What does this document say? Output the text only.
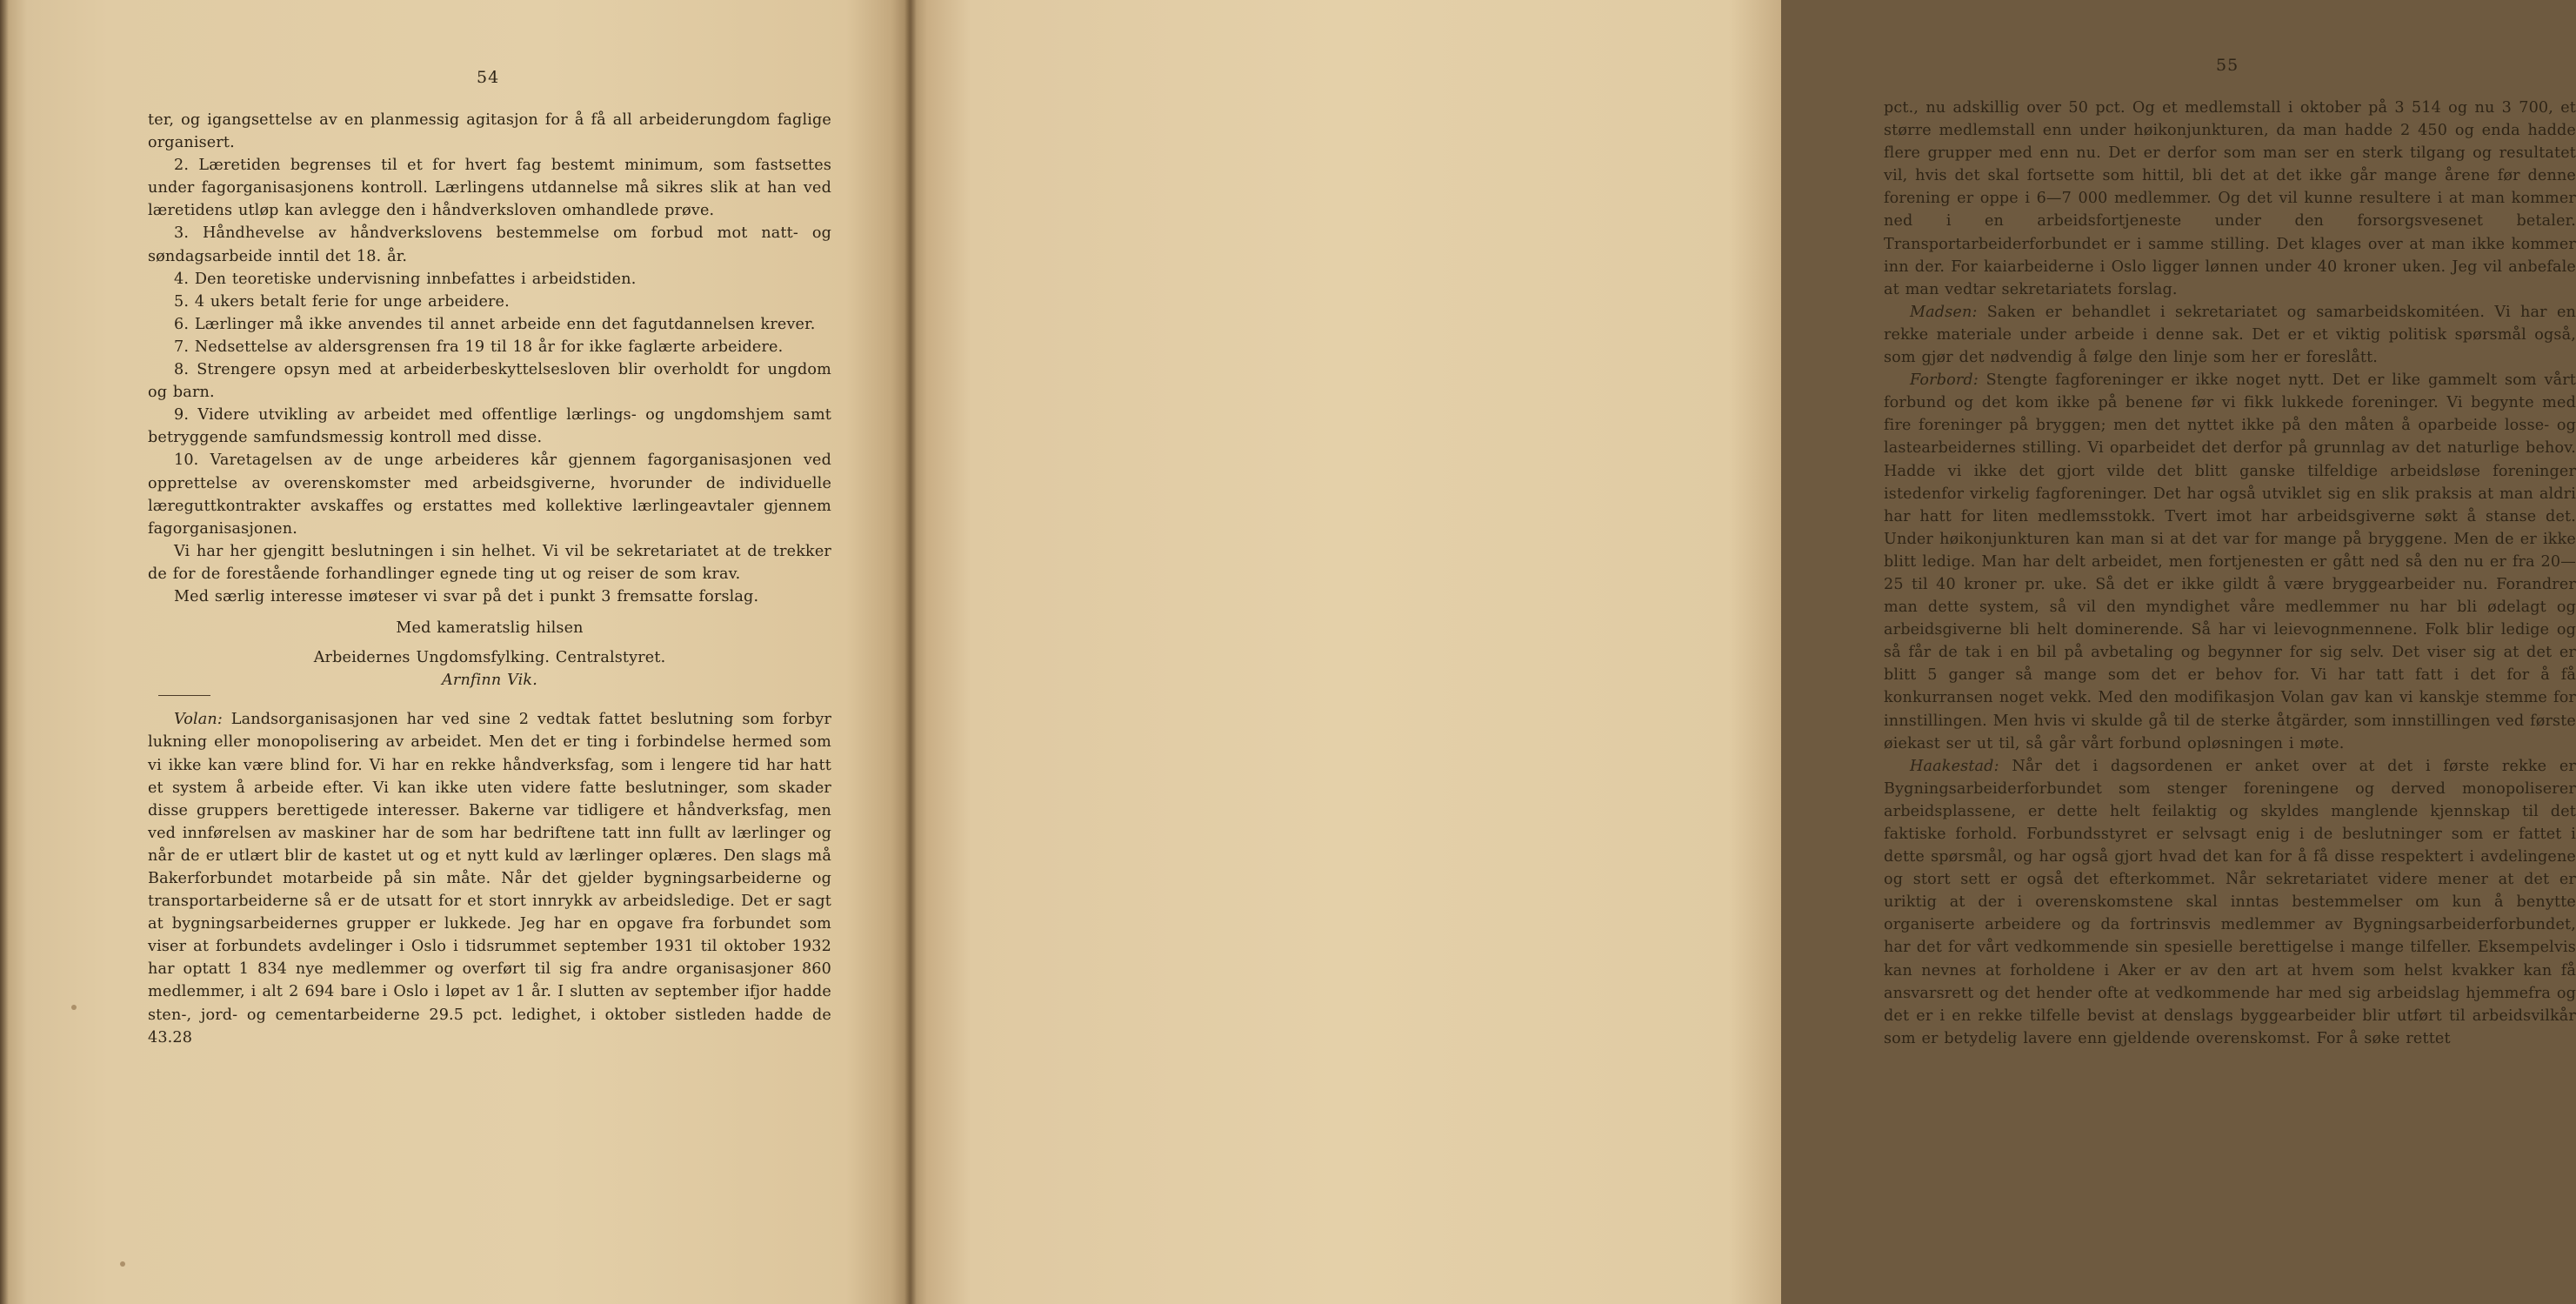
54

ter, og igangsettelse av en planmessig agitasjon for å få all arbeiderungdom faglige organisert.

2. Læretiden begrenses til et for hvert fag bestemt minimum, som fastsettes under fagorganisasjonens kontroll. Lærlingens utdannelse må sikres slik at han ved læretidens utløp kan avlegge den i håndverksloven omhandlede prøve.

3. Håndhevelse av håndverkslovens bestemmelse om forbud mot natt- og søndagsarbeide inntil det 18. år.

4. Den teoretiske undervisning innbefattes i arbeidstiden.

5. 4 ukers betalt ferie for unge arbeidere.

6. Lærlinger må ikke anvendes til annet arbeide enn det fagutdannelsen krever.

7. Nedsettelse av aldersgrensen fra 19 til 18 år for ikke faglærte arbeidere.

8. Strengere opsyn med at arbeiderbeskyttelsesloven blir overholdt for ungdom og barn.

9. Videre utvikling av arbeidet med offentlige lærlings- og ungdomshjem samt betryggende samfundsmessig kontroll med disse.

10. Varetagelsen av de unge arbeideres kår gjennem fagorganisasjonen ved opprettelse av overenskomster med arbeidsgiverne, hvorunder de individuelle læreguttkontrakter avskaffes og erstattes med kollektive lærlingeavtaler gjennem fagorganisasjonen.

Vi har her gjengitt beslutningen i sin helhet. Vi vil be sekretariatet at de trekker de for de forestående forhandlinger egnede ting ut og reiser de som krav.

Med særlig interesse imøteser vi svar på det i punkt 3 fremsatte forslag.

Med kameratslig hilsen

Arbeidernes Ungdomsfylking. Centralstyret.

Arnfinn Vik.

Volan: Landsorganisasjonen har ved sine 2 vedtak fattet beslutning som forbyr lukning eller monopolisering av arbeidet. Men det er ting i forbindelse hermed som vi ikke kan være blind for. Vi har en rekke håndverksfag, som i lengere tid har hatt et system å arbeide efter. Vi kan ikke uten videre fatte beslutninger, som skader disse gruppers berettigede interesser. Bakerne var tidligere et håndverksfag, men ved innførelsen av maskiner har de som har bedriftene tatt inn fullt av lærlinger og når de er utlært blir de kastet ut og et nytt kuld av lærlinger oplæres. Den slags må Bakerforbundet motarbeide på sin måte. Når det gjelder bygningsarbeiderne og transportarbeiderne så er de utsatt for et stort innrykk av arbeidsledige. Det er sagt at bygningsarbeidernes grupper er lukkede. Jeg har en opgave fra forbundet som viser at forbundets avdelinger i Oslo i tidsrummet september 1931 til oktober 1932 har optatt 1 834 nye medlemmer og overført til sig fra andre organisasjoner 860 medlemmer, i alt 2 694 bare i Oslo i løpet av 1 år. I slutten av september ifjor hadde sten-, jord- og cementarbeiderne 29.5 pct. ledighet, i oktober sistleden hadde de 43.28

55

pct., nu adskillig over 50 pct. Og et medlemstall i oktober på 3 514 og nu 3 700, et større medlemstall enn under høikonjunkturen, da man hadde 2 450 og enda hadde flere grupper med enn nu. Det er derfor som man ser en sterk tilgang og resultatet vil, hvis det skal fortsette som hittil, bli det at det ikke går mange årene før denne forening er oppe i 6—7 000 medlemmer. Og det vil kunne resultere i at man kommer ned i en arbeidsfortjeneste under den forsorgsvesenet betaler. Transportarbeiderforbundet er i samme stilling. Det klages over at man ikke kommer inn der. For kaiarbeiderne i Oslo ligger lønnen under 40 kroner uken. Jeg vil anbefale at man vedtar sekretariatets forslag.

Madsen: Saken er behandlet i sekretariatet og samarbeidskomitéen. Vi har en rekke materiale under arbeide i denne sak. Det er et viktig politisk spørsmål også, som gjør det nødvendig å følge den linje som her er foreslått.

Forbord: Stengte fagforeninger er ikke noget nytt. Det er like gammelt som vårt forbund og det kom ikke på benene før vi fikk lukkede foreninger. Vi begynte med fire foreninger på bryggen; men det nyttet ikke på den måten å oparbeide losse- og lastearbeidernes stilling. Vi oparbeidet det derfor på grunnlag av det naturlige behov. Hadde vi ikke det gjort vilde det blitt ganske tilfeldige arbeidsløse foreninger istedenfor virkelig fagforeninger. Det har også utviklet sig en slik praksis at man aldri har hatt for liten medlemsstokk. Tvert imot har arbeidsgiverne søkt å stanse det. Under høikonjunkturen kan man si at det var for mange på bryggene. Men de er ikke blitt ledige. Man har delt arbeidet, men fortjenesten er gått ned så den nu er fra 20—25 til 40 kroner pr. uke. Så det er ikke gildt å være bryggearbeider nu. Forandrer man dette system, så vil den myndighet våre medlemmer nu har bli ødelagt og arbeidsgiverne bli helt dominerende. Så har vi leievognmennene. Folk blir ledige og så får de tak i en bil på avbetaling og begynner for sig selv. Det viser sig at det er blitt 5 ganger så mange som det er behov for. Vi har tatt fatt i det for å få konkurransen noget vekk. Med den modifikasjon Volan gav kan vi kanskje stemme for innstillingen. Men hvis vi skulde gå til de sterke åtgärder, som innstillingen ved første øiekast ser ut til, så går vårt forbund opløsningen i møte.

Haakestad: Når det i dagsordenen er anket over at det i første rekke er Bygningsarbeiderforbundet som stenger foreningene og derved monopoliserer arbeidsplassene, er dette helt feilaktig og skyldes manglende kjennskap til det faktiske forhold. Forbundsstyret er selvsagt enig i de beslutninger som er fattet i dette spørsmål, og har også gjort hvad det kan for å få disse respektert i avdelingene og stort sett er også det efterkommet. Når sekretariatet videre mener at det er uriktig at der i overenskomstene skal inntas bestemmelser om kun å benytte organiserte arbeidere og da fortrinsvis medlemmer av Bygningsarbeiderforbundet, har det for vårt vedkommende sin spesielle berettigelse i mange tilfeller. Eksempelvis kan nevnes at forholdene i Aker er av den art at hvem som helst kvakker kan få ansvarsrett og det hender ofte at vedkommende har med sig arbeidslag hjemmefra og det er i en rekke tilfelle bevist at denslags byggearbeider blir utført til arbeidsvilkår som er betydelig lavere enn gjeldende overenskomst. For å søke rettet
